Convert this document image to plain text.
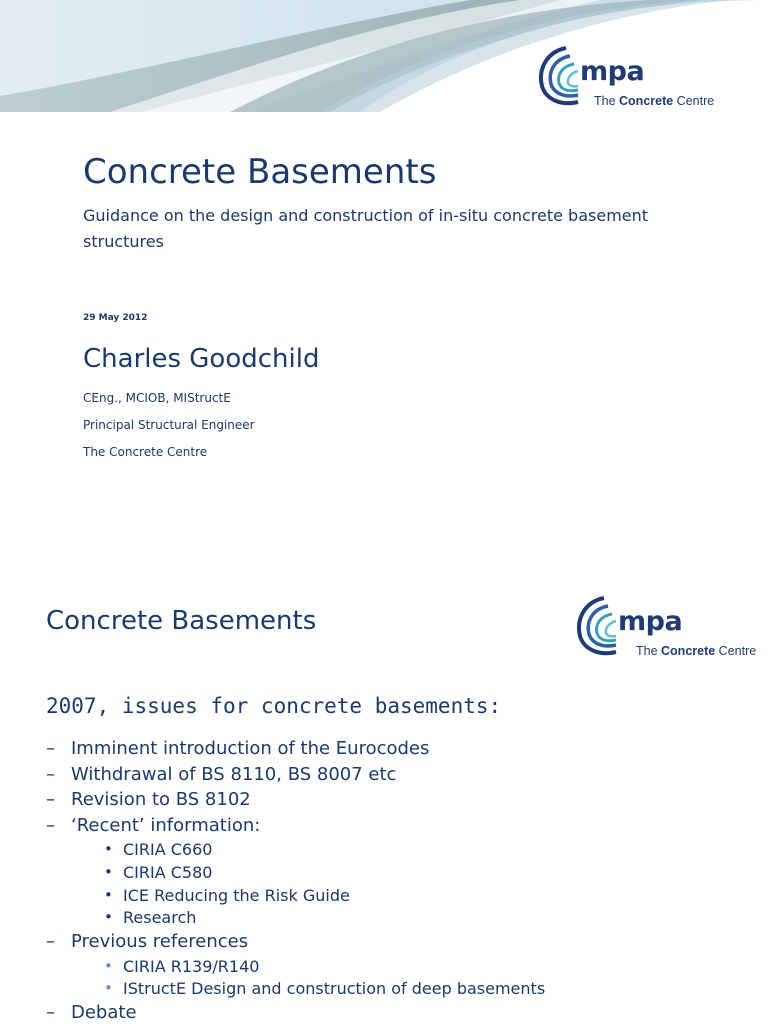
mpa
The Concrete Centre
Concrete Basements
Guidance on the design and construction of in-situ concrete basement structures
29 May 2012
Charles Goodchild
CEng., MCIOB, MIStructE
Principal Structural Engineer
The Concrete Centre
mpa
The Concrete Centre
Concrete Basements
2007, issues for concrete basements:
– Imminent introduction of the Eurocodes
– Withdrawal of BS 8110, BS 8007 etc
– Revision to BS 8102
– ‘Recent’ information:
• CIRIA C660
• CIRIA C580
• ICE Reducing the Risk Guide
• Research
– Previous references
• CIRIA R139/R140
• IStructE Design and construction of deep basements
– Debate
